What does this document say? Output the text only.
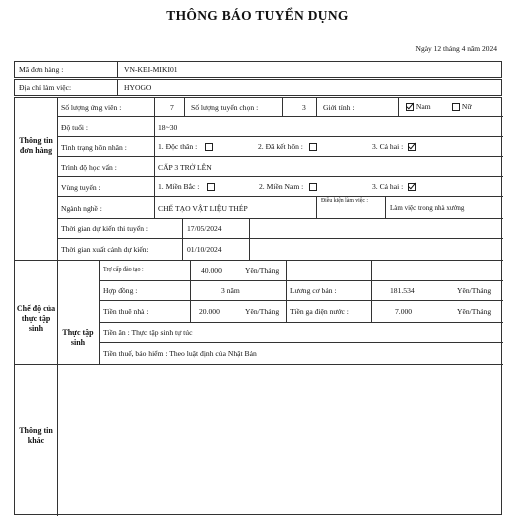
THÔNG BÁO TUYỂN DỤNG
Ngày 12 tháng 4 năm 2024
Mã đơn hàng :	VN-KEI-MIKI01
Địa chỉ làm việc:	HYOGO
Thông tin đơn hàng
Số lượng ứng viên :	7 Số lượng tuyển chọn :	3 Giới tính :	Nam	Nữ
Độ tuổi :	18~30
Tình trạng hôn nhân :	1. Độc thân :	2. Đã kết hôn :	3. Cả hai :
Trình độ học vấn :	CẤP 3 TRỞ LÊN
Vùng tuyển :	1. Miền Bắc :	2. Miền Nam :	3. Cả hai :
Ngành nghề :	CHẾ TẠO VẬT LIỆU THÉP
Điều kiện làm việc :
Làm việc trong nhà xưởng
Thời gian dự kiến thi tuyển :	17/05/2024
Thời gian xuất cảnh dự kiến:	01/10/2024
Chế độ của thực tập sinh	Thực tập sinh
Trợ cấp đào tạo :	40.000	Yên/Tháng
Hợp đồng :	3 năm	Lương cơ bản :	181.534	Yên/Tháng
Tiền thuê nhà :	20.000	Yên/Tháng Tiền ga điện nước :	7.000	Yên/Tháng
Tiền ăn : Thực tập sinh tự túc
Tiền thuế, bảo hiểm : Theo luật định của Nhật Bản
Thông tin khác
